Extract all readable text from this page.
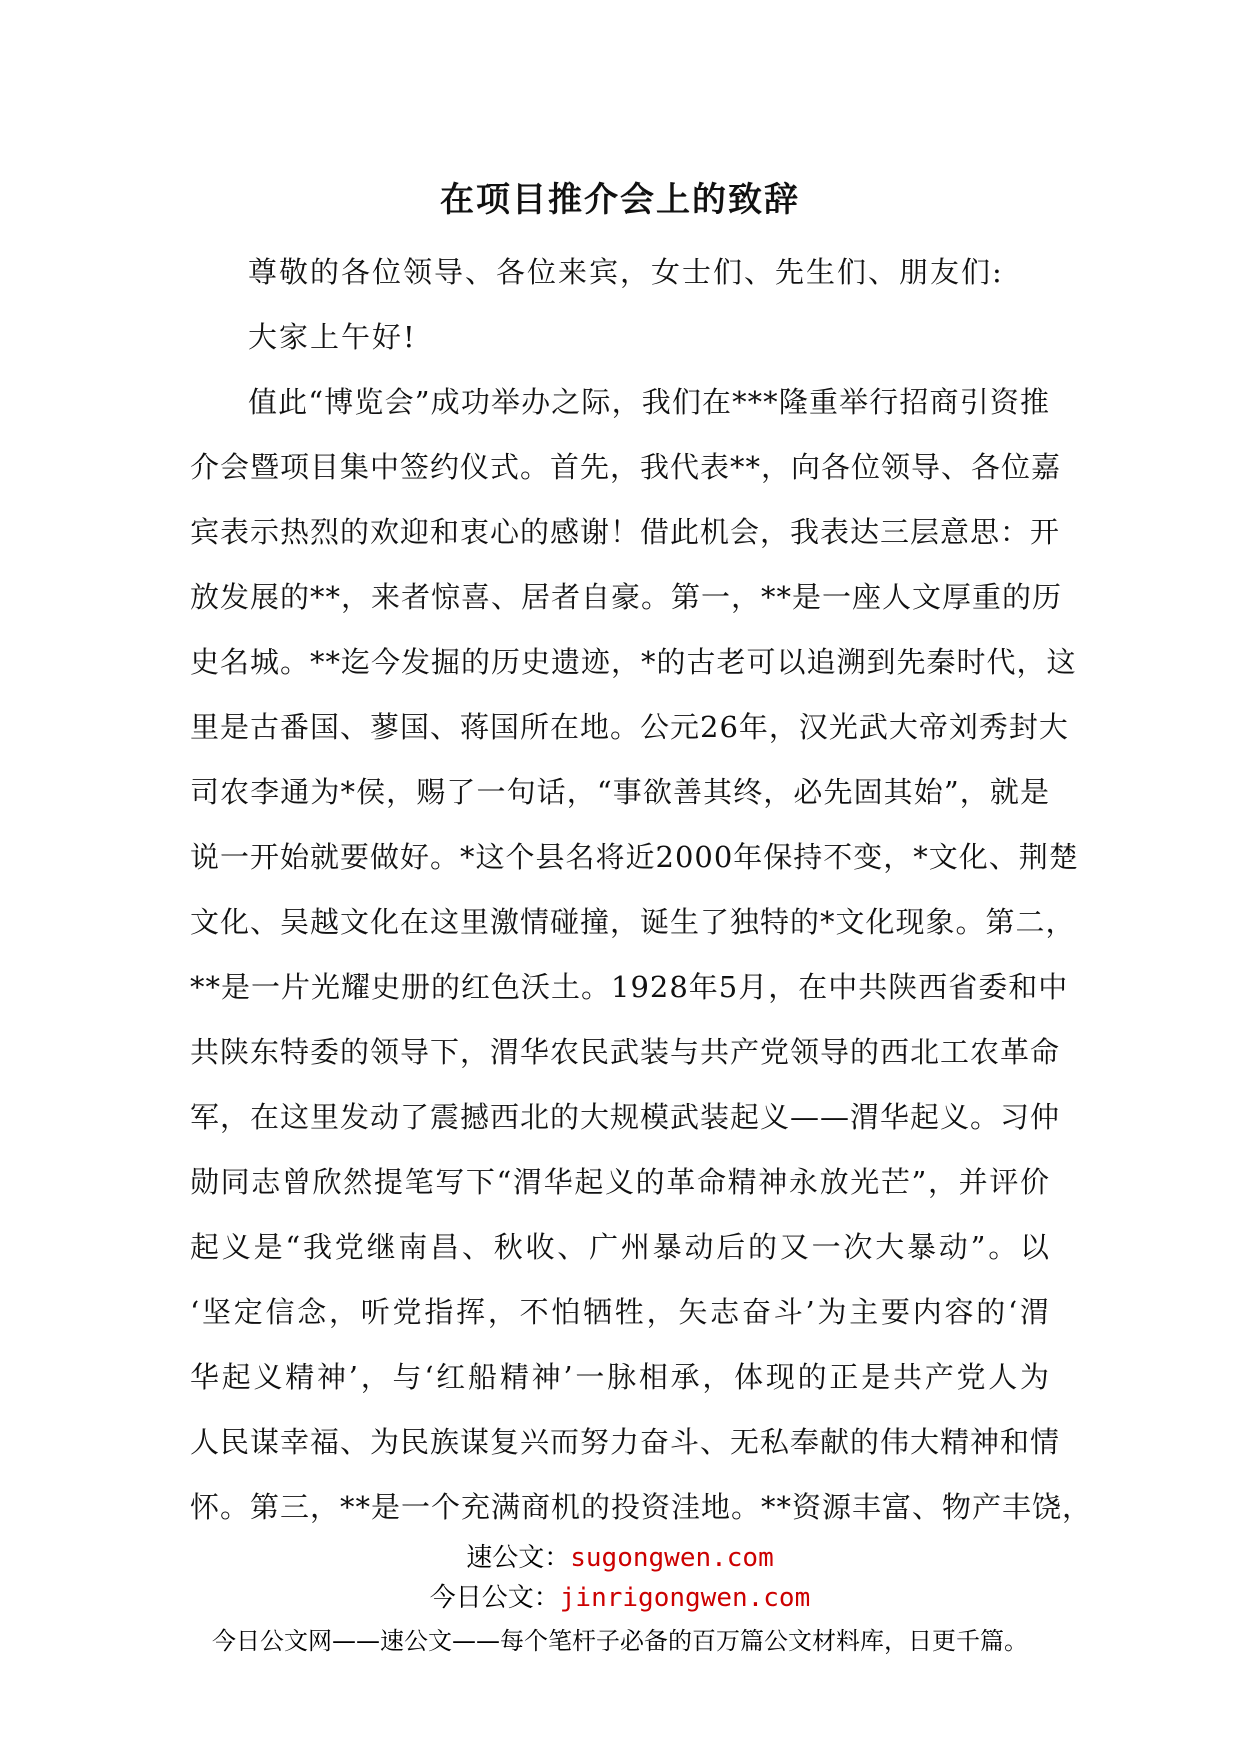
在项目推介会上的致辞
尊敬的各位领导、各位来宾，女士们、先生们、朋友们:
大家上午好!
值此“博览会”成功举办之际，我们在***隆重举行招商引资推
介会暨项目集中签约仪式。首先，我代表**，向各位领导、各位嘉
宾表示热烈的欢迎和衷心的感谢！借此机会，我表达三层意思：开
放发展的**，来者惊喜、居者自豪。第一，**是一座人文厚重的历
史名城。**迄今发掘的历史遗迹，*的古老可以追溯到先秦时代，这
里是古番国、蓼国、蒋国所在地。公元26年，汉光武大帝刘秀封大
司农李通为*侯，赐了一句话，“事欲善其终，必先固其始”，就是
说一开始就要做好。*这个县名将近2000年保持不变，*文化、荆楚
文化、吴越文化在这里激情碰撞，诞生了独特的*文化现象。第二，
**是一片光耀史册的红色沃土。1928年5月，在中共陕西省委和中
共陕东特委的领导下，渭华农民武装与共产党领导的西北工农革命
军，在这里发动了震撼西北的大规模武装起义——渭华起义。习仲
勋同志曾欣然提笔写下“渭华起义的革命精神永放光芒”，并评价
起义是“我党继南昌、秋收、广州暴动后的又一次大暴动”。以
‘坚定信念，听党指挥，不怕牺牲，矢志奋斗’为主要内容的‘渭
华起义精神’，与‘红船精神’一脉相承，体现的正是共产党人为
人民谋幸福、为民族谋复兴而努力奋斗、无私奉献的伟大精神和情
怀。第三，**是一个充满商机的投资洼地。**资源丰富、物产丰饶，
速公文：sugongwen.com
今日公文：jinrigongwen.com
今日公文网——速公文——每个笔杆子必备的百万篇公文材料库，日更千篇。
